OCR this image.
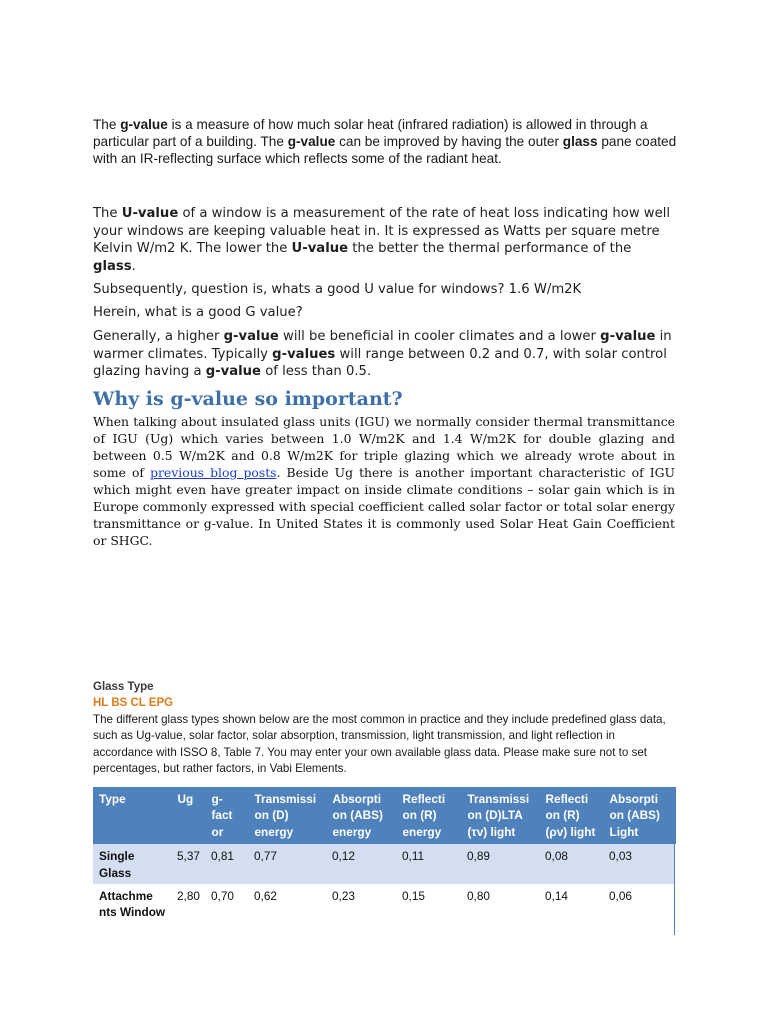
The g-value is a measure of how much solar heat (infrared radiation) is allowed in through a particular part of a building. The g-value can be improved by having the outer glass pane coated with an IR-reflecting surface which reflects some of the radiant heat.

The U-value of a window is a measurement of the rate of heat loss indicating how well your windows are keeping valuable heat in. It is expressed as Watts per square metre Kelvin W/m2 K. The lower the U-value the better the thermal performance of the glass.

Subsequently, question is, whats a good U value for windows? 1.6 W/m2K

Herein, what is a good G value?

Generally, a higher g-value will be beneficial in cooler climates and a lower g-value in warmer climates. Typically g-values will range between 0.2 and 0.7, with solar control glazing having a g-value of less than 0.5.

Why is g-value so important?

When talking about insulated glass units (IGU) we normally consider thermal transmittance of IGU (Ug) which varies between 1.0 W/m2K and 1.4 W/m2K for double glazing and between 0.5 W/m2K and 0.8 W/m2K for triple glazing which we already wrote about in some of previous blog posts. Beside Ug there is another important characteristic of IGU which might even have greater impact on inside climate conditions – solar gain which is in Europe commonly expressed with special coefficient called solar factor or total solar energy transmittance or g-value. In United States it is commonly used Solar Heat Gain Coefficient or SHGC.

Glass Type

HL BS CL EPG

The different glass types shown below are the most common in practice and they include predefined glass data, such as Ug-value, solar factor, solar absorption, transmission, light transmission, and light reflection in accordance with ISSO 8, Table 7. You may enter your own available glass data. Please make sure not to set percentages, but rather factors, in Vabi Elements.

Type	Ug	g-fact or	Transmissi on (D) energy	Absorpti on (ABS) energy	Reflecti on (R) energy	Transmissi on (D)LTA (τv) light	Reflecti on (R) (ρv) light	Absorpti on (ABS) Light
Single Glass	5,37	0,81	0,77	0,12	0,11	0,89	0,08	0,03
Attachme nts Window	2,80	0,70	0,62	0,23	0,15	0,80	0,14	0,06
